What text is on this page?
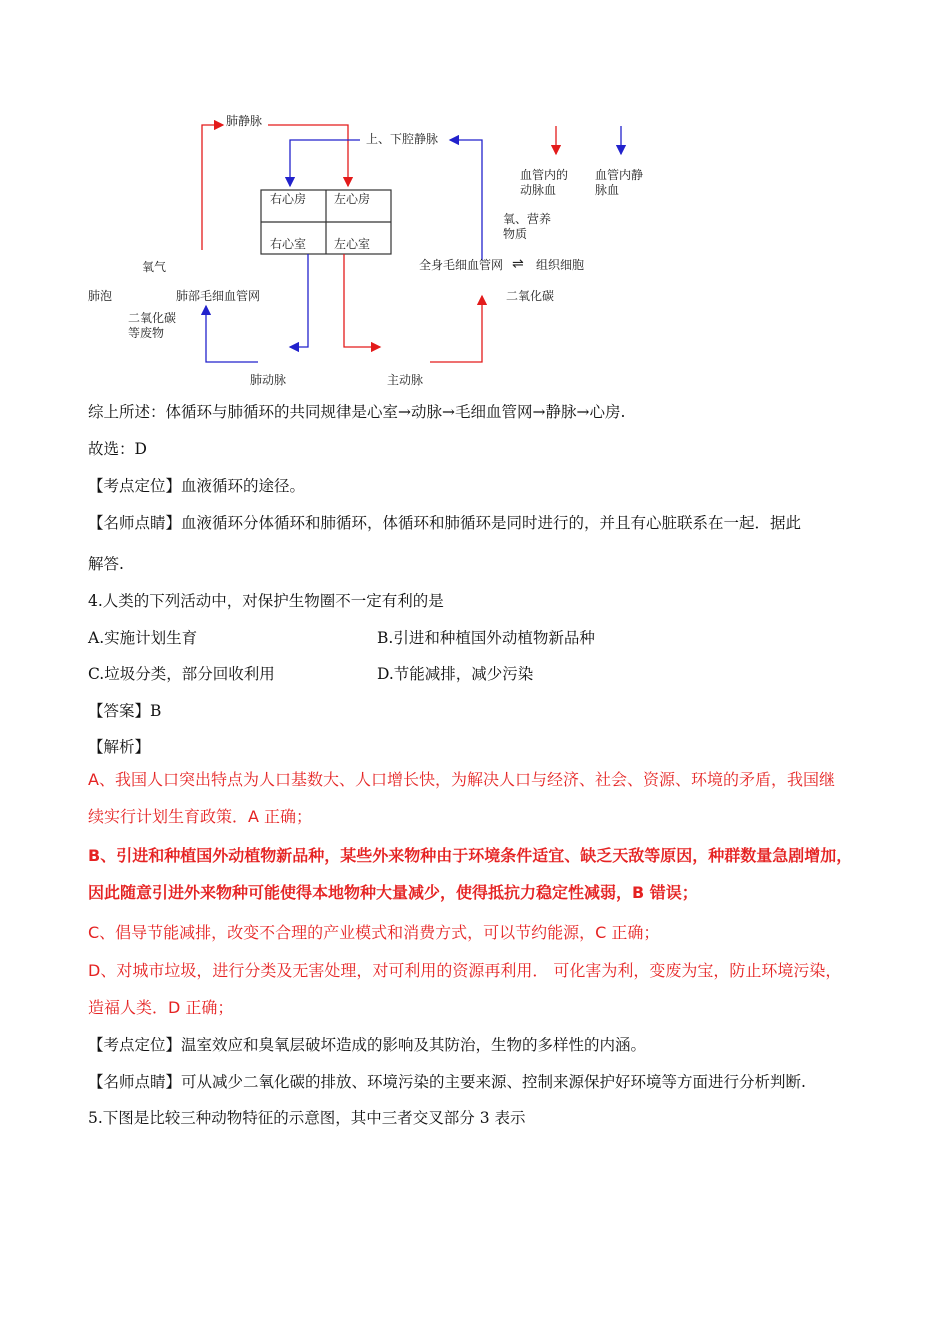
肺静脉
上、下腔静脉
右心房 左心房
右心室 左心室
血管内的动脉血
血管内静脉血
氧、营养物质
氧气
肺泡	肺部毛细血管网
二氧化碳等废物
全身毛细血管网 ⇌ 组织细胞
二氧化碳
肺动脉	主动脉
综上所述：体循环与肺循环的共同规律是心室→动脉→毛细血管网→静脉→心房.
故选：D
【考点定位】血液循环的途径。
【名师点睛】血液循环分体循环和肺循环，体循环和肺循环是同时进行的，并且有心脏联系在一起．据此
解答.
4.人类的下列活动中，对保护生物圈不一定有利的是
A.实施计划生育	B.引进和种植国外动植物新品种
C.垃圾分类，部分回收利用	D.节能减排，减少污染
【答案】B
【解析】
A、我国人口突出特点为人口基数大、人口增长快，为解决人口与经济、社会、资源、环境的矛盾，我国继
续实行计划生育政策．A 正确；
B、引进和种植国外动植物新品种，某些外来物种由于环境条件适宜、缺乏天敌等原因，种群数量急剧增加，
因此随意引进外来物种可能使得本地物种大量减少，使得抵抗力稳定性减弱，B 错误；
C、倡导节能减排，改变不合理的产业模式和消费方式，可以节约能源，C 正确；
D、对城市垃圾，进行分类及无害处理，对可利用的资源再利用． 可化害为利，变废为宝，防止环境污染，
造福人类．D 正确；
【考点定位】温室效应和臭氧层破坏造成的影响及其防治，生物的多样性的内涵。
【名师点睛】可从减少二氧化碳的排放、环境污染的主要来源、控制来源保护好环境等方面进行分析判断.
5.下图是比较三种动物特征的示意图，其中三者交叉部分 3 表示
